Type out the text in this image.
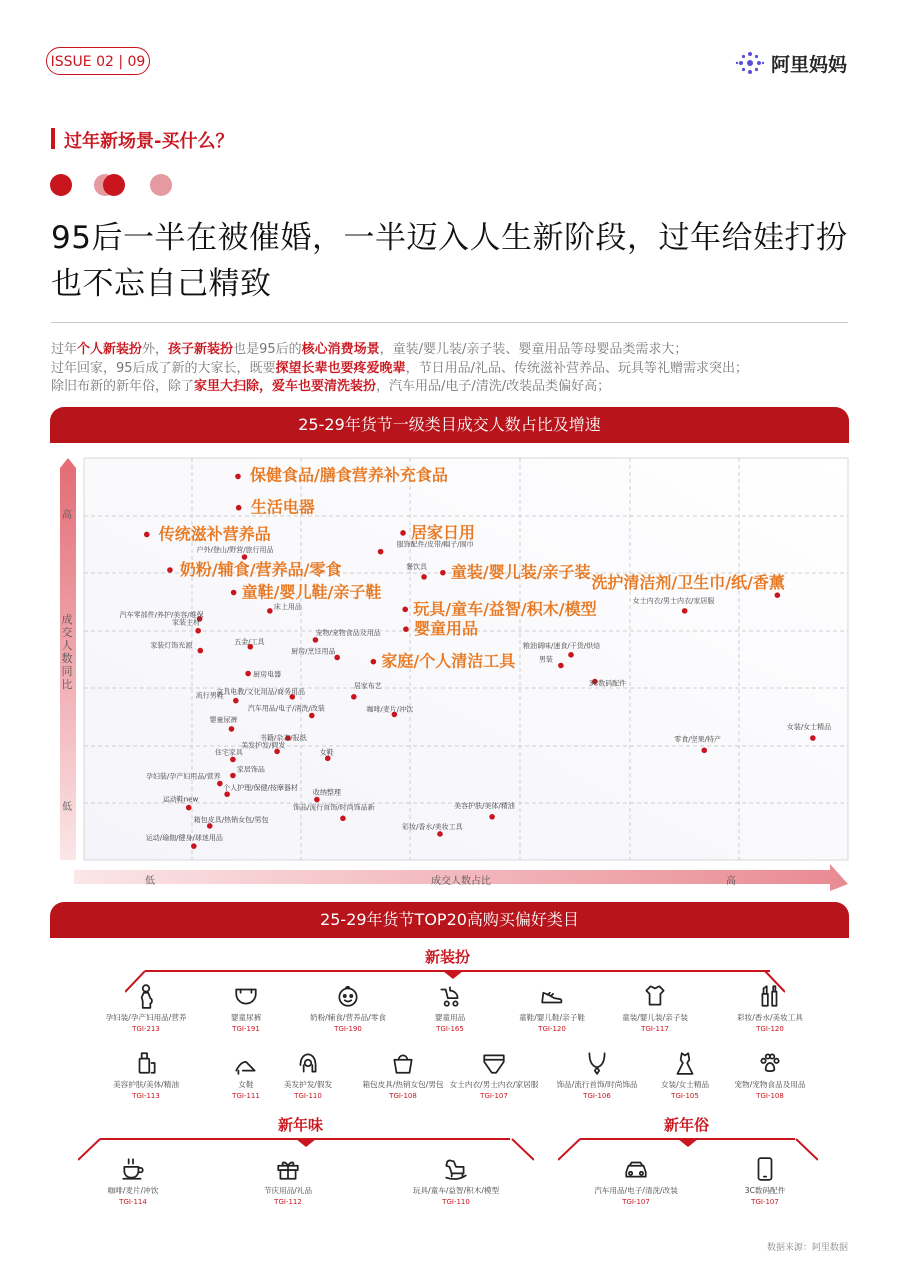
ISSUE 02 | 09	阿里妈妈
过年新场景-买什么？
95后一半在被催婚，一半迈入人生新阶段，过年给娃打扮
也不忘自己精致
过年个人新装扮外，孩子新装扮也是95后的核心消费场景，童装/婴儿装/亲子装、婴童用品等母婴品类需求大；
过年回家，95后成了新的大家长，既要探望长辈也要疼爱晚辈，节日用品/礼品、传统滋补营养品、玩具等礼赠需求突出；
除旧布新的新年俗，除了家里大扫除，爱车也要清洗装扮，汽车用品/电子/清洗/改装品类偏好高；
25-29年货节一级类目成交人数占比及增速
高
低
低	高
成交人数占比
成交人数同比
保健食品/膳食营养补充食品
生活电器
传统滋补营养品	居家日用
户外/登山/野营/旅行用品
服饰配件/皮带/帽子/围巾
童装/婴儿装/亲子装
奶粉/辅食/营养品/零食	餐饮具
童鞋/婴儿鞋/亲子鞋	洗护清洁剂/卫生巾/纸/香薰
女士内衣/男士内衣/家居服
汽车零部件/养护/美容/维保
床上用品	玩具/童车/益智/积木/模型
家装主材	婴童用品
宠物/宠物食品及用品
家装灯饰光源	五金/工具
粮油调味/速食/干货/烘焙
厨房/烹饪用品
家庭/个人清洁工具	男装
厨房电器
3C数码配件
流行男鞋
文具电教/文化用品/商务用品
居家布艺
咖啡/麦片/冲饮
汽车用品/电子/清洗/改装
婴童尿裤
书籍/杂志/报纸
美发护发/假发
女鞋
住宅家具
家居饰品
女装/女士精品
零食/坚果/特产
孕妇装/孕产妇用品/营养
个人护理/保健/按摩器材
收纳整理
运动鞋new
饰品/流行首饰/时尚饰品新	美容护肤/美体/精油
箱包皮具/热销女包/男包
彩妆/香水/美妆工具
运动/瑜伽/健身/球迷用品
25-29年货节TOP20高购买偏好类目
新装扮
新年味	新年俗
孕妇装/孕产妇用品/营养
TGI-213
婴童尿裤
TGI-191
奶粉/辅食/营养品/零食
TGI-190
婴童用品
TGI-165
童鞋/婴儿鞋/亲子鞋
TGI-120
童装/婴儿装/亲子装
TGI-117
彩妆/香水/美妆工具
TGI-120
美容护肤/美体/精油
TGI-113
女鞋
TGI-111
美发护发/假发
TGI-110
箱包皮具/热销女包/男包
TGI-108
女士内衣/男士内衣/家居服
TGI-107
饰品/流行首饰/时尚饰品
TGI-106
女装/女士精品
TGI-105
宠物/宠物食品及用品
TGI-108
咖啡/麦片/冲饮
TGI-114
节庆用品/礼品
TGI-112
玩具/童车/益智/积木/模型
TGI-110
汽车用品/电子/清洗/改装
TGI-107
3C数码配件
TGI-107
数据来源：阿里数据
